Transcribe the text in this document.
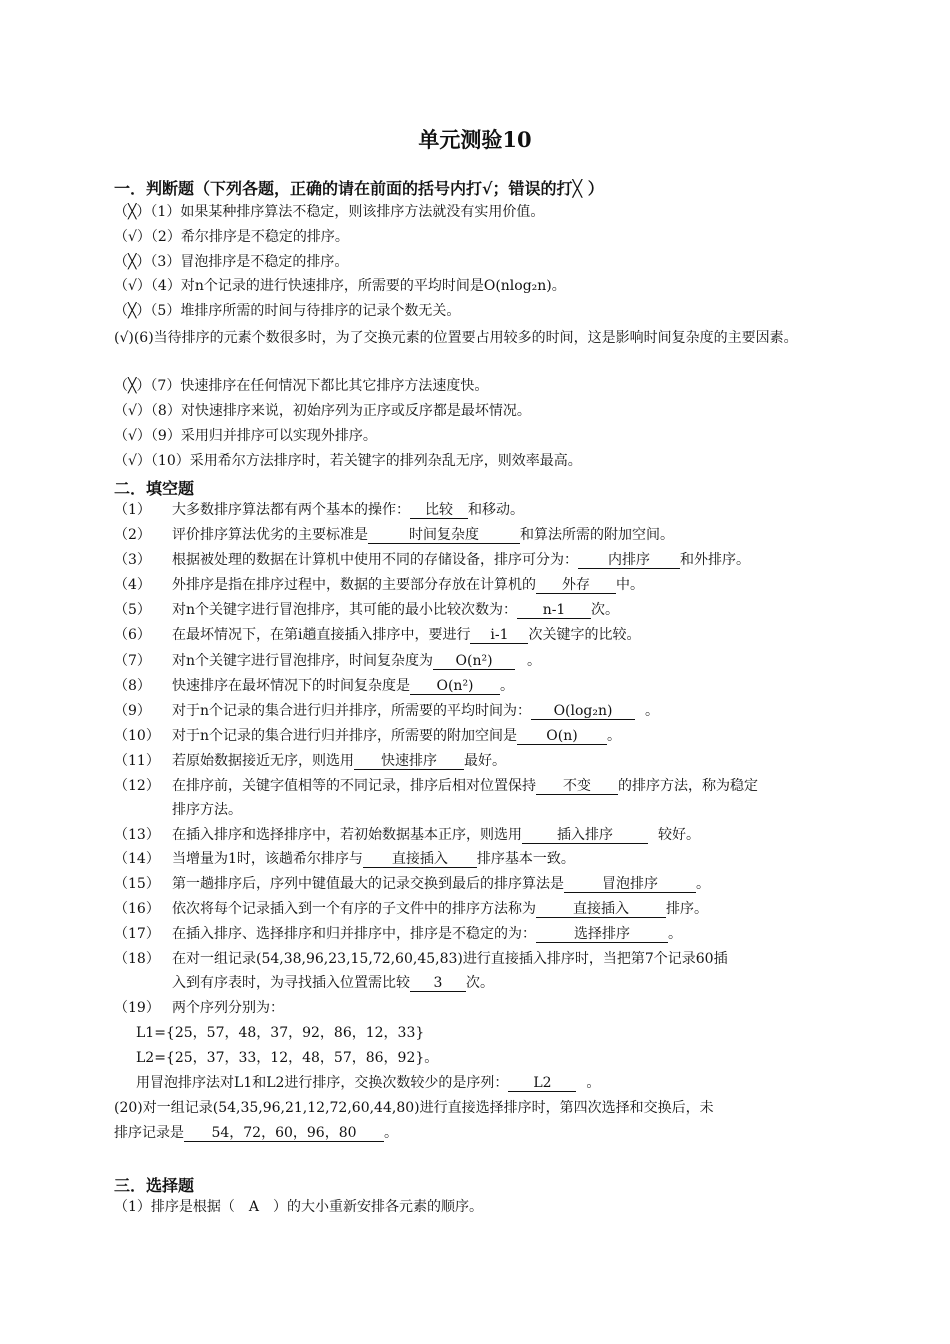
单元测验10
一．判断题（下列各题，正确的请在前面的括号内打√；错误的打╳ ）
（╳）（1）如果某种排序算法不稳定，则该排序方法就没有实用价值。
（√）（2）希尔排序是不稳定的排序。
（╳）（3）冒泡排序是不稳定的排序。
（√）（4）对n个记录的进行快速排序，所需要的平均时间是O(nlog₂n)。
（╳）（5）堆排序所需的时间与待排序的记录个数无关。
(√)(6)当待排序的元素个数很多时，为了交换元素的位置要占用较多的时间，这是影响时间复杂度的主要因素。
（╳）（7）快速排序在任何情况下都比其它排序方法速度快。
（√）（8）对快速排序来说，初始序列为正序或反序都是最坏情况。
（√）（9）采用归并排序可以实现外排序。
（√）（10）采用希尔方法排序时，若关键字的排列杂乱无序，则效率最高。
二．填空题
（1） 大多数排序算法都有两个基本的操作： 比较 和移动。
（2） 评价排序算法优劣的主要标准是	时间复杂度	和算法所需的附加空间。
（3） 根据被处理的数据在计算机中使用不同的存储设备，排序可分为： 内排序 和外排序。
（4） 外排序是指在排序过程中，数据的主要部分存放在计算机的 外存 中。
（5） 对n个关键字进行冒泡排序，其可能的最小比较次数为： n-1 次。
（6） 在最坏情况下，在第i趟直接插入排序中，要进行 i-1 次关键字的比较。
（7） 对n个关键字进行冒泡排序，时间复杂度为 O(n²) 。
（8） 快速排序在最坏情况下的时间复杂度是 O(n²) 。
（9） 对于n个记录的集合进行归并排序，所需要的平均时间为： O(log₂n) 。
（10） 对于n个记录的集合进行归并排序，所需要的附加空间是 O(n) 。
（11） 若原始数据接近无序，则选用 快速排序 最好。
（12） 在排序前，关键字值相等的不同记录，排序后相对位置保持 不变 的排序方法，称为稳定
排序方法。
（13） 在插入排序和选择排序中，若初始数据基本正序，则选用	插入排序	较好。
（14） 当增量为1时，该趟希尔排序与 直接插入 排序基本一致。
（15） 第一趟排序后，序列中键值最大的记录交换到最后的排序算法是	冒泡排序	。
（16） 依次将每个记录插入到一个有序的子文件中的排序方法称为	直接插入	排序。
（17） 在插入排序、选择排序和归并排序中，排序是不稳定的为：	选择排序	。
（18） 在对一组记录(54,38,96,23,15,72,60,45,83)进行直接插入排序时，当把第7个记录60插
入到有序表时，为寻找插入位置需比较 3 次。
（19） 两个序列分别为：
L1={25，57，48，37，92，86，12，33}
L2={25，37，33，12，48，57，86，92}。
用冒泡排序法对L1和L2进行排序，交换次数较少的是序列： L2 。
(20)对一组记录(54,35,96,21,12,72,60,44,80)进行直接选择排序时，第四次选择和交换后，未
排序记录是 54，72，60，96，80 。
三．选择题
（1）排序是根据（　A　）的大小重新安排各元素的顺序。
